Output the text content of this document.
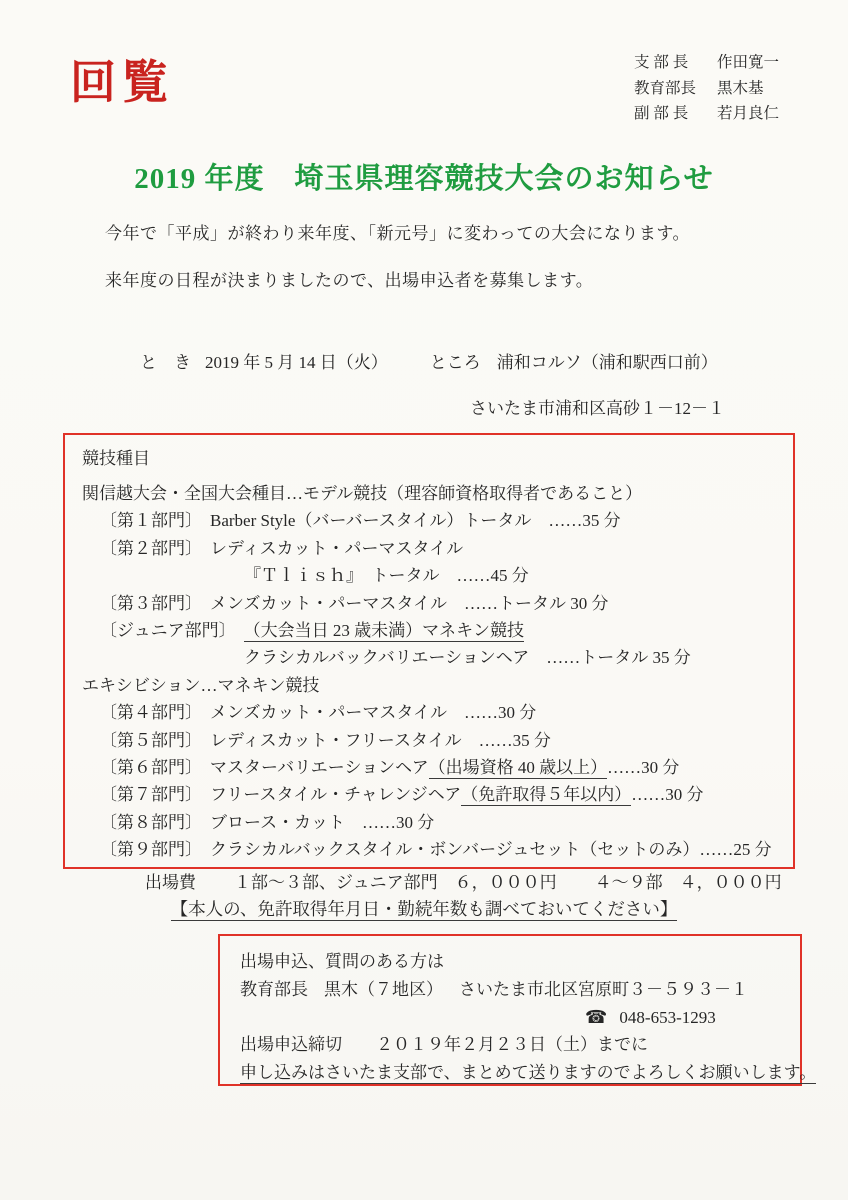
回覧	支 部 長 作田寛一
教育部長 黒木基
副 部 長 若月良仁
2019 年度　埼玉県理容競技大会のお知らせ

今年で「平成」が終わり来年度、「新元号」に変わっての大会になります。

来年度の日程が決まりましたので、出場申込者を募集します。

と　き 2019 年 5 月 14 日（火） ところ 浦和コルソ（浦和駅西口前）
さいたま市浦和区高砂１－12－１
競技種目
関信越大会・全国大会種目…モデル競技（理容師資格取得者であること）
〔第１部門〕 Barber Style（バーバースタイル）トータル　……35 分
〔第２部門〕 レディスカット・パーマスタイル
『Ｔｌｉｓｈ』　トータル　……45 分
〔第３部門〕 メンズカット・パーマスタイル　……トータル 30 分
〔ジュニア部門〕 （大会当日 23 歳未満）マネキン競技
クラシカルバックバリエーションヘア　……トータル 35 分
エキシビション…マネキン競技
〔第４部門〕 メンズカット・パーマスタイル　……30 分
〔第５部門〕 レディスカット・フリースタイル　……35 分
〔第６部門〕 マスターバリエーションヘア（出場資格 40 歳以上）……30 分
〔第７部門〕 フリースタイル・チャレンジヘア（免許取得５年以内）……30 分
〔第８部門〕 ブロース・カット　……30 分
〔第９部門〕 クラシカルバックスタイル・ボンバージュセット（セットのみ）……25 分
出場費 １部～３部、ジュニア部門　６，０００円 ４～９部　４，０００円
【本人の、免許取得年月日・勤続年数も調べておいてください】
出場申込、質問のある方は
教育部長 黒木（７地区） さいたま市北区宮原町３－５９３－１
☎ 048-653-1293
出場申込締切 ２０１９年２月２３日（土）までに
申し込みはさいたま支部で、まとめて送りますのでよろしくお願いします。
